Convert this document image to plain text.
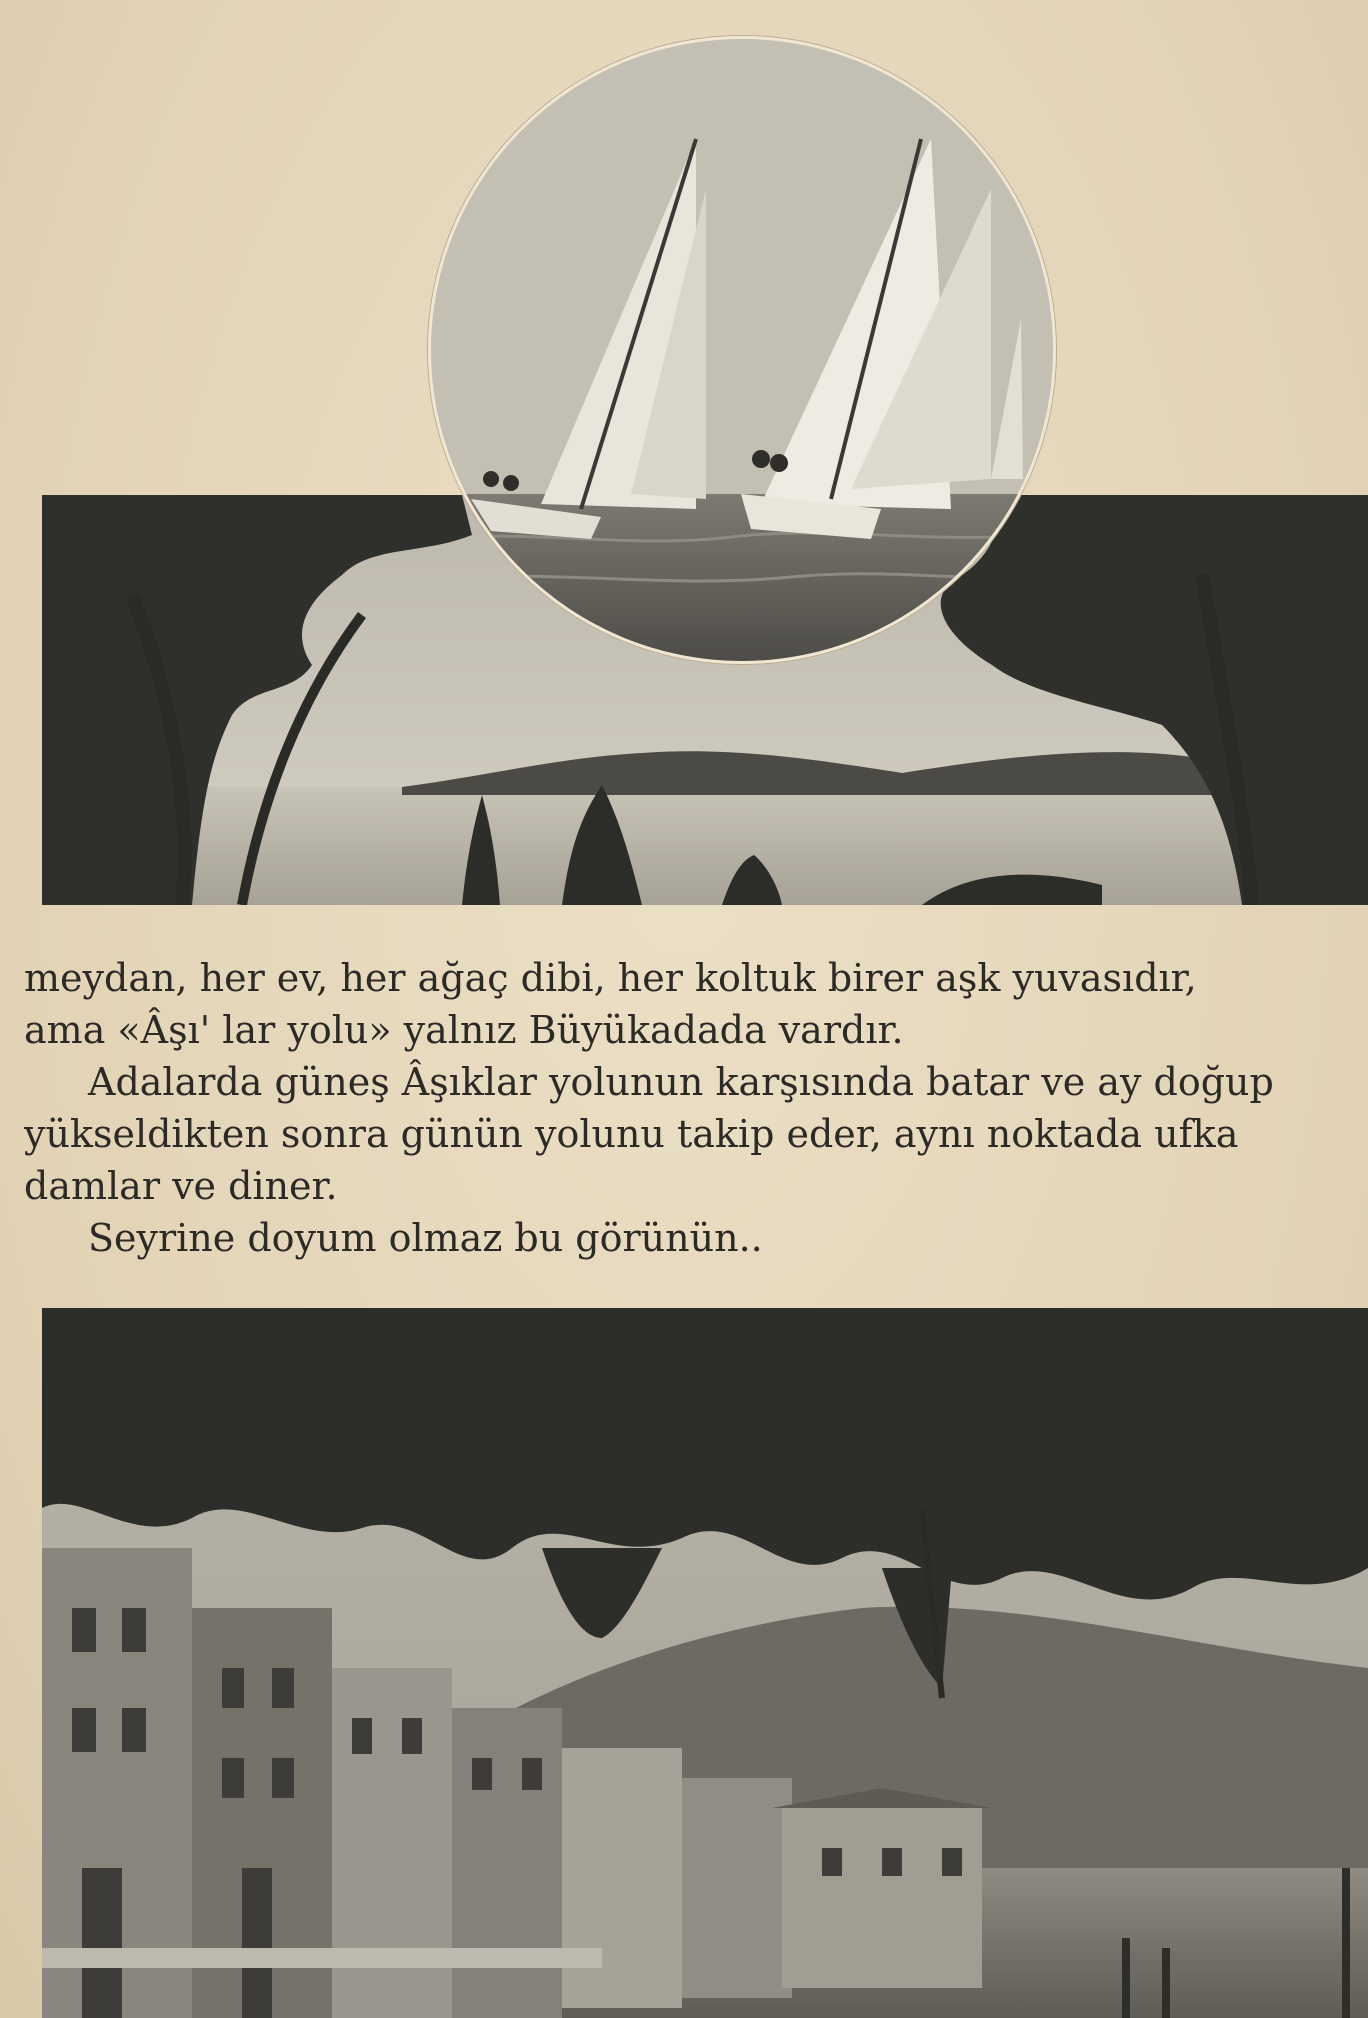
meydan, her ev, her ağaç dibi, her koltuk birer aşk yuvasıdır,
ama «Âşı' lar yolu» yalnız Büyükadada vardır.

Adalarda güneş Âşıklar yolunun karşısında batar ve ay doğup

yükseldikten sonra günün yolunu takip eder, aynı noktada ufka
damlar ve diner.

Seyrine doyum olmaz bu görünün..
